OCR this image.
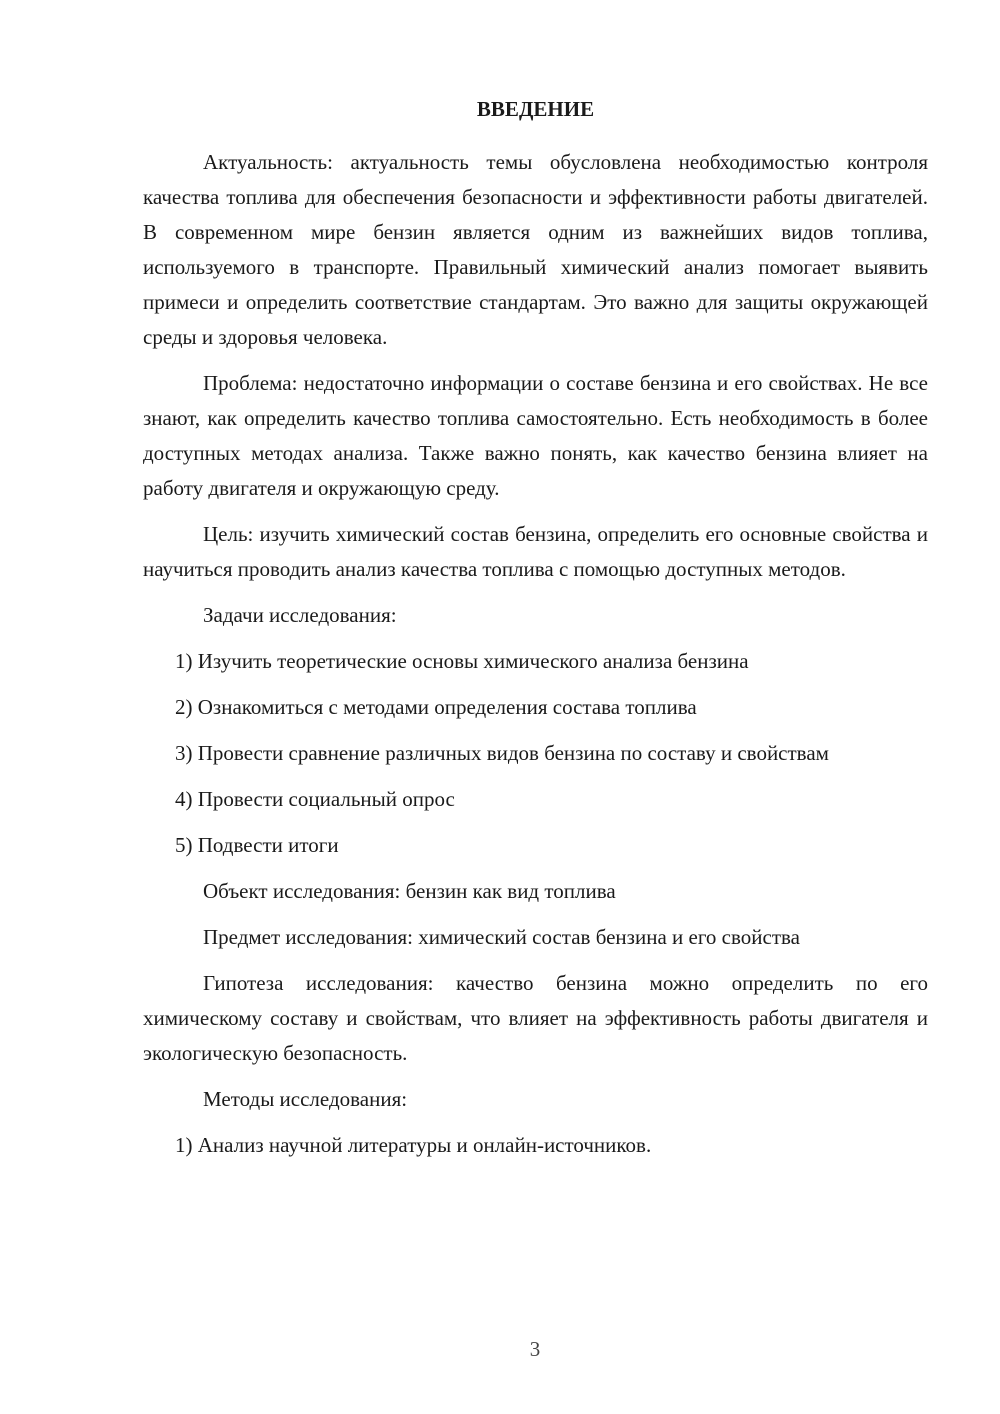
ВВЕДЕНИЕ

Актуальность: актуальность темы обусловлена необходимостью контроля качества топлива для обеспечения безопасности и эффективности работы двигателей. В современном мире бензин является одним из важнейших видов топлива, используемого в транспорте. Правильный химический анализ помогает выявить примеси и определить соответствие стандартам. Это важно для защиты окружающей среды и здоровья человека.

Проблема: недостаточно информации о составе бензина и его свойствах. Не все знают, как определить качество топлива самостоятельно. Есть необходимость в более доступных методах анализа. Также важно понять, как качество бензина влияет на работу двигателя и окружающую среду.

Цель: изучить химический состав бензина, определить его основные свойства и научиться проводить анализ качества топлива с помощью доступных методов.

Задачи исследования:

1) Изучить теоретические основы химического анализа бензина

2) Ознакомиться с методами определения состава топлива

3) Провести сравнение различных видов бензина по составу и свойствам

4) Провести социальный опрос

5) Подвести итоги

Объект исследования: бензин как вид топлива

Предмет исследования: химический состав бензина и его свойства

Гипотеза исследования: качество бензина можно определить по его химическому составу и свойствам, что влияет на эффективность работы двигателя и экологическую безопасность.

Методы исследования:

1) Анализ научной литературы и онлайн-источников.

3
